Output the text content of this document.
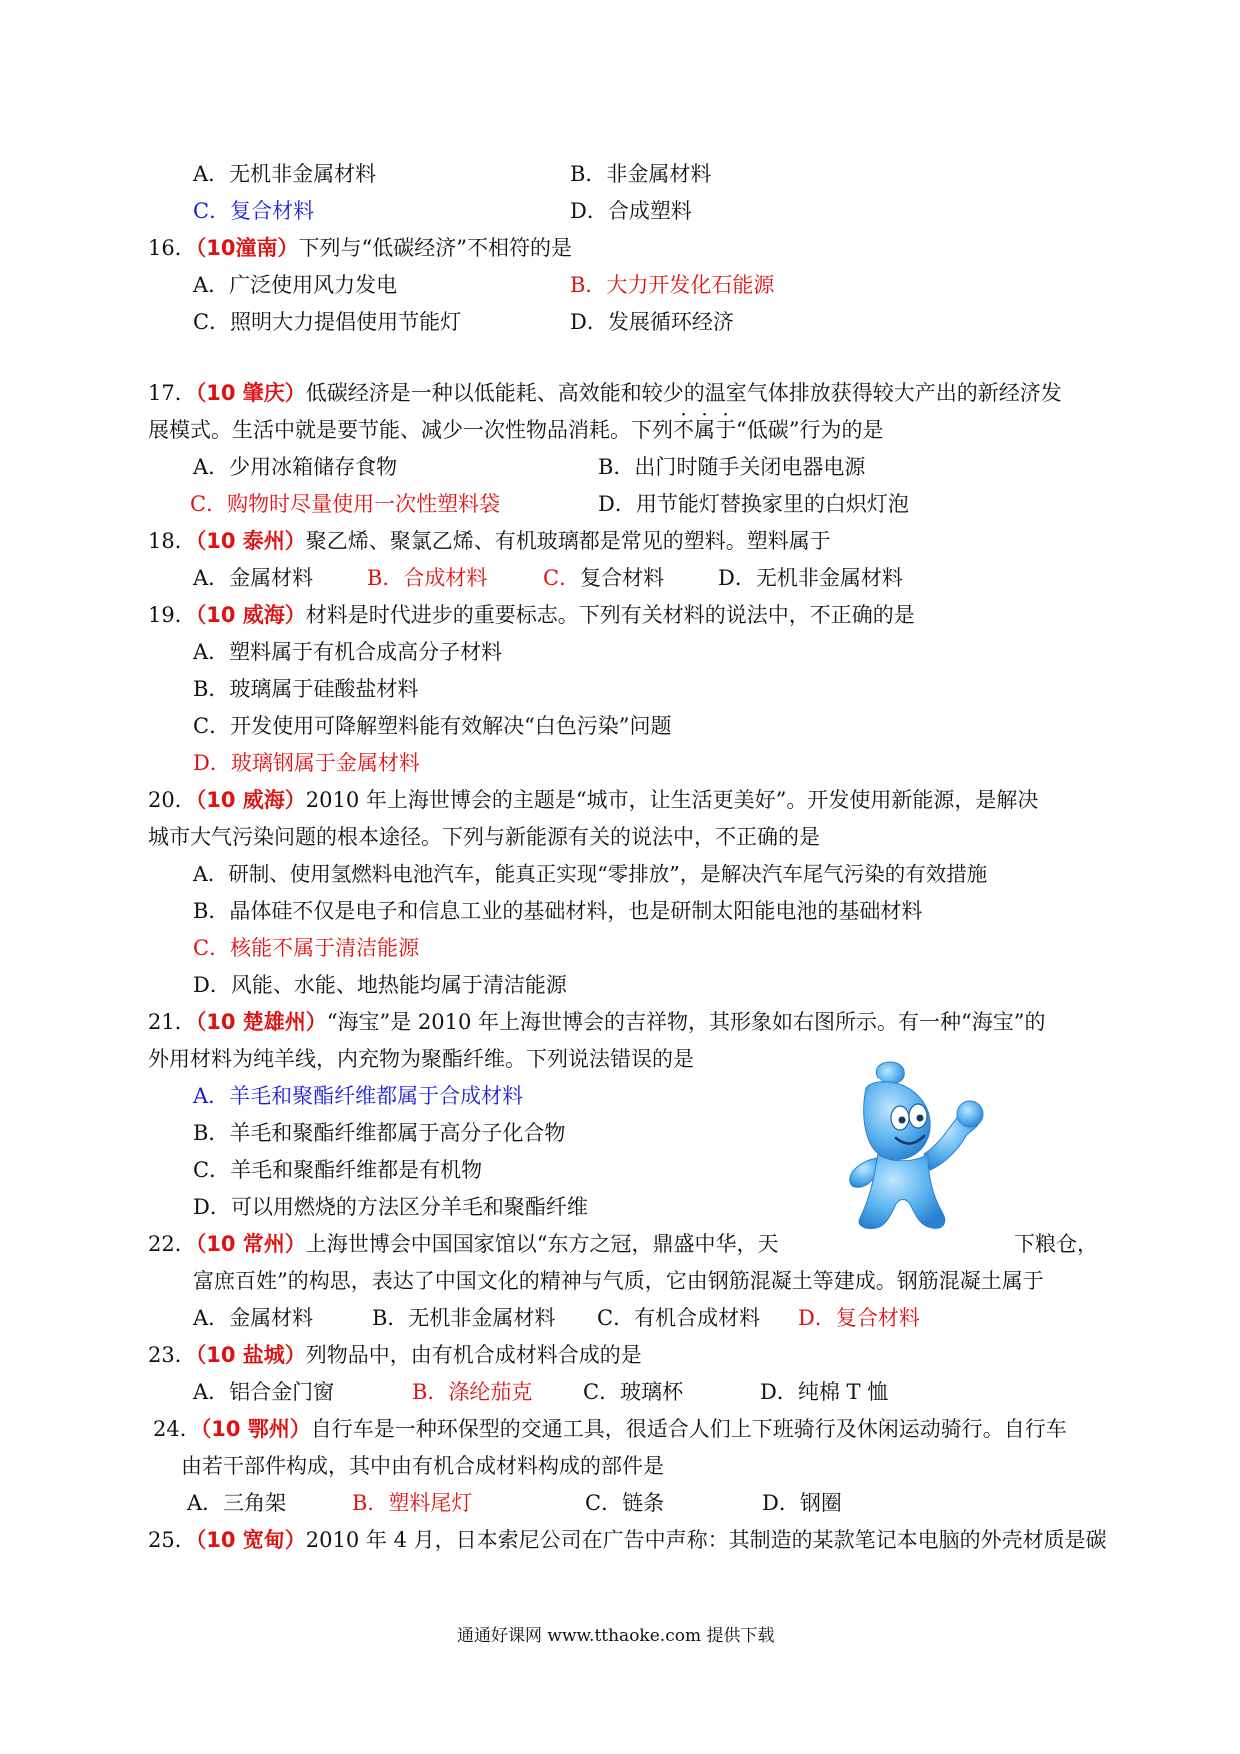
A．无机非金属材料	B．非金属材料
C．复合材料	D．合成塑料
16．（10潼南）下列与“低碳经济”不相符的是
A．广泛使用风力发电	B．大力开发化石能源
C．照明大力提倡使用节能灯	D．发展循环经济
17．（10 肇庆）低碳经济是一种以低能耗、高效能和较少的温室气体排放获得较大产出的新经济发
展模式。生活中就是要节能、减少一次性物品消耗。下列不属于“低碳”行为的是
A．少用冰箱储存食物	B．出门时随手关闭电器电源
C．购物时尽量使用一次性塑料袋	D．用节能灯替换家里的白炽灯泡
18．（10 泰州）聚乙烯、聚氯乙烯、有机玻璃都是常见的塑料。塑料属于
A．金属材料	B．合成材料	C．复合材料	D．无机非金属材料
19．（10 威海）材料是时代进步的重要标志。下列有关材料的说法中，不正确的是
A．塑料属于有机合成高分子材料
B．玻璃属于硅酸盐材料
C．开发使用可降解塑料能有效解决“白色污染”问题
D．玻璃钢属于金属材料
20．（10 威海）2010 年上海世博会的主题是“城市，让生活更美好”。开发使用新能源，是解决
城市大气污染问题的根本途径。下列与新能源有关的说法中，不正确的是
A．研制、使用氢燃料电池汽车，能真正实现“零排放”，是解决汽车尾气污染的有效措施
B．晶体硅不仅是电子和信息工业的基础材料，也是研制太阳能电池的基础材料
C．核能不属于清洁能源
D．风能、水能、地热能均属于清洁能源
21．（10 楚雄州）“海宝”是 2010 年上海世博会的吉祥物，其形象如右图所示。有一种“海宝”的
外用材料为纯羊线，内充物为聚酯纤维。下列说法错误的是
A．羊毛和聚酯纤维都属于合成材料
B．羊毛和聚酯纤维都属于高分子化合物
C．羊毛和聚酯纤维都是有机物
D．可以用燃烧的方法区分羊毛和聚酯纤维
22．（10 常州）上海世博会中国国家馆以“东方之冠，鼎盛中华，天	下粮仓，
富庶百姓”的构思，表达了中国文化的精神与气质，它由钢筋混凝土等建成。钢筋混凝土属于
A．金属材料	B．无机非金属材料 C．有机合成材料 D．复合材料
23．（10 盐城）列物品中，由有机合成材料合成的是
A．铝合金门窗	B．涤纶茄克 C．玻璃杯	D．纯棉 T 恤
24．（10 鄂州）自行车是一种环保型的交通工具，很适合人们上下班骑行及休闲运动骑行。自行车
由若干部件构成，其中由有机合成材料构成的部件是
A．三角架	B．塑料尾灯	C．链条	D．钢圈
25．（10 宽甸）2010 年 4 月，日本索尼公司在广告中声称：其制造的某款笔记本电脑的外壳材质是碳
通通好课网 www.tthaoke.com 提供下载
